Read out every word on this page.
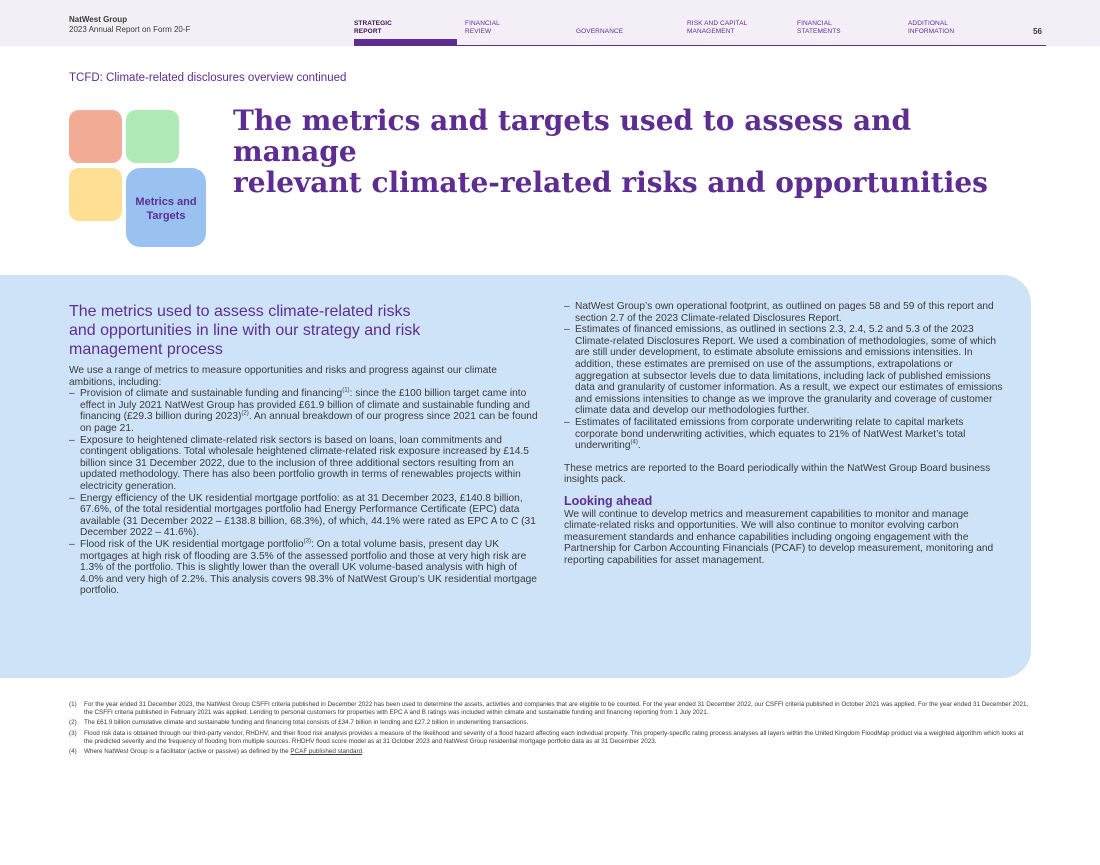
NatWest Group
2023 Annual Report on Form 20-F
STRATEGIC
REPORT
FINANCIAL
REVIEW	GOVERNANCE
RISK AND CAPITAL
MANAGEMENT
FINANCIAL
STATEMENTS
ADDITIONAL
INFORMATION	56
TCFD: Climate-related disclosures overview continued
Metrics and
Targets
The metrics and targets used to assess and manage
relevant climate-related risks and opportunities
The metrics used to assess climate-related risks and opportunities in line with our strategy and risk management process

We use a range of metrics to measure opportunities and risks and progress against our climate ambitions, including:

– Provision of climate and sustainable funding and financing$^{(1)}$: since the £100 billion target came into effect in July 2021 NatWest Group has provided £61.9 billion of climate and sustainable funding and financing (£29.3 billion during 2023)$^{(2)}$. An annual breakdown of our progress since 2021 can be found on page 21.
– Exposure to heightened climate-related risk sectors is based on loans, loan commitments and contingent obligations. Total wholesale heightened climate-related risk exposure increased by £14.5 billion since 31 December 2022, due to the inclusion of three additional sectors resulting from an updated methodology. There has also been portfolio growth in terms of renewables projects within electricity generation.
– Energy efficiency of the UK residential mortgage portfolio: as at 31 December 2023, £140.8 billion, 67.6%, of the total residential mortgages portfolio had Energy Performance Certificate (EPC) data available (31 December 2022 – £138.8 billion, 68.3%), of which, 44.1% were rated as EPC A to C (31 December 2022 – 41.6%).
– Flood risk of the UK residential mortgage portfolio$^{(3)}$: On a total volume basis, present day UK mortgages at high risk of flooding are 3.5% of the assessed portfolio and those at very high risk are 1.3% of the portfolio. This is slightly lower than the overall UK volume-based analysis with high of 4.0% and very high of 2.2%. This analysis covers 98.3% of NatWest Group’s UK residential mortgage portfolio.
– NatWest Group’s own operational footprint, as outlined on pages 58 and 59 of this report and section 2.7 of the 2023 Climate-related Disclosures Report.
– Estimates of financed emissions, as outlined in sections 2.3, 2.4, 5.2 and 5.3 of the 2023 Climate-related Disclosures Report. We used a combination of methodologies, some of which are still under development, to estimate absolute emissions and emissions intensities. In addition, these estimates are premised on use of the assumptions, extrapolations or aggregation at subsector levels due to data limitations, including lack of published emissions data and granularity of customer information. As a result, we expect our estimates of emissions and emissions intensities to change as we improve the granularity and coverage of customer climate data and develop our methodologies further.
– Estimates of facilitated emissions from corporate underwriting relate to capital markets corporate bond underwriting activities, which equates to 21% of NatWest Market’s total underwriting$^{(4)}$.

These metrics are reported to the Board periodically within the NatWest Group Board business insights pack.

Looking ahead

We will continue to develop metrics and measurement capabilities to monitor and manage climate-related risks and opportunities. We will also continue to monitor evolving carbon measurement standards and enhance capabilities including ongoing engagement with the Partnership for Carbon Accounting Financials (PCAF) to develop measurement, monitoring and reporting capabilities for asset management.

(1)	For the year ended 31 December 2023, the NatWest Group CSFFI criteria published in December 2022 has been used to determine the assets, activities and companies that are eligible to be counted. For the year ended 31 December 2022, our CSFFI criteria published in October 2021 was applied. For the year ended 31 December 2021, the CSFFI criteria published in February 2021 was applied. Lending to personal customers for properties with EPC A and B ratings was included within climate and sustainable funding and financing reporting from 1 July 2021.
(2)	The £61.9 billion cumulative climate and sustainable funding and financing total consists of £34.7 billion in lending and £27.2 billion in underwriting transactions.
(3)	Flood risk data is obtained through our third-party vendor, RHDHV, and their flood risk analysis provides a measure of the likelihood and severity of a flood hazard affecting each individual property. This property-specific rating process analyses all layers within the United Kingdom FloodMap product via a weighted algorithm which looks at the predicted severity and the frequency of flooding from multiple sources. RHDHV flood score model as at 31 October 2023 and NatWest Group residential mortgage portfolio data as at 31 December 2023.
(4)	Where NatWest Group is a facilitator (active or passive) as defined by the PCAF published standard.
